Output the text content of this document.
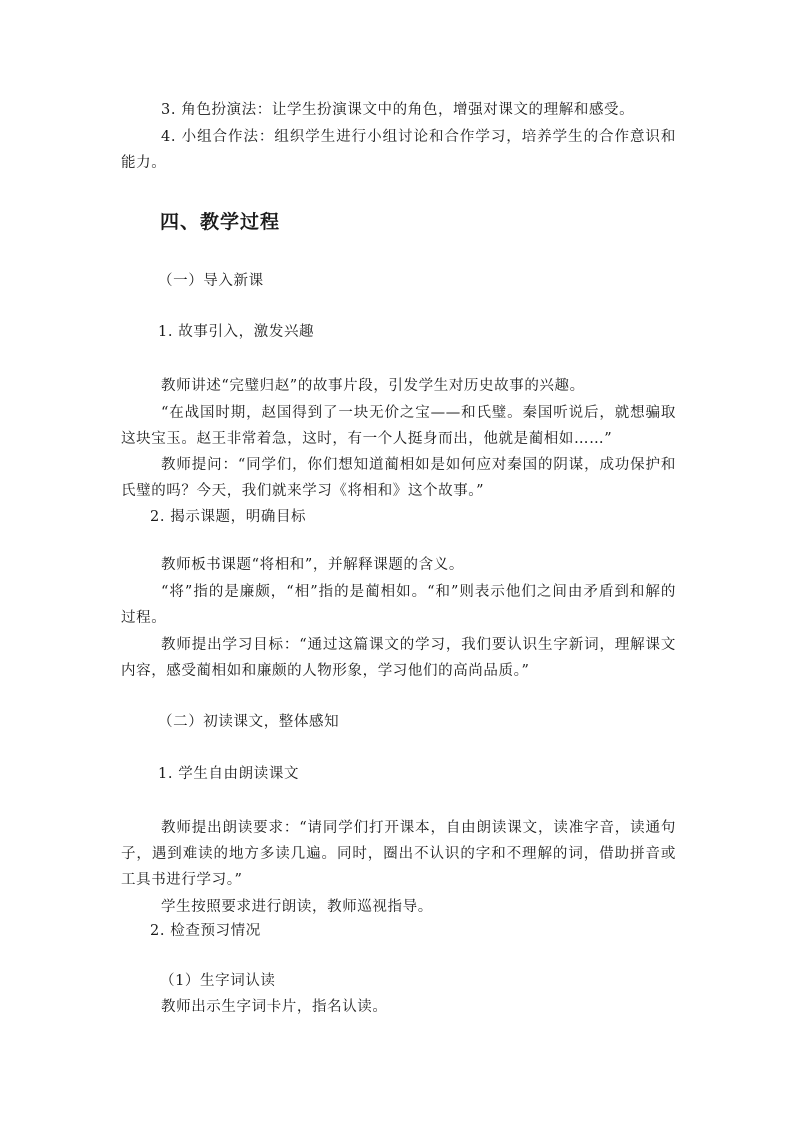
3. 角色扮演法：让学生扮演课文中的角色，增强对课文的理解和感受。
4. 小组合作法：组织学生进行小组讨论和合作学习，培养学生的合作意识和能力。
四、教学过程
（一）导入新课
1. 故事引入，激发兴趣
教师讲述“完璧归赵”的故事片段，引发学生对历史故事的兴趣。
“在战国时期，赵国得到了一块无价之宝——和氏璧。秦国听说后，就想骗取这块宝玉。赵王非常着急，这时，有一个人挺身而出，他就是蔺相如……”
教师提问：“同学们，你们想知道蔺相如是如何应对秦国的阴谋，成功保护和氏璧的吗？今天，我们就来学习《将相和》这个故事。”
2. 揭示课题，明确目标
教师板书课题“将相和”，并解释课题的含义。
“将”指的是廉颇，“相”指的是蔺相如。“和”则表示他们之间由矛盾到和解的过程。
教师提出学习目标：“通过这篇课文的学习，我们要认识生字新词，理解课文内容，感受蔺相如和廉颇的人物形象，学习他们的高尚品质。”
（二）初读课文，整体感知
1. 学生自由朗读课文
教师提出朗读要求：“请同学们打开课本，自由朗读课文，读准字音，读通句子，遇到难读的地方多读几遍。同时，圈出不认识的字和不理解的词，借助拼音或工具书进行学习。”
学生按照要求进行朗读，教师巡视指导。
2. 检查预习情况
（1）生字词认读
教师出示生字词卡片，指名认读。
